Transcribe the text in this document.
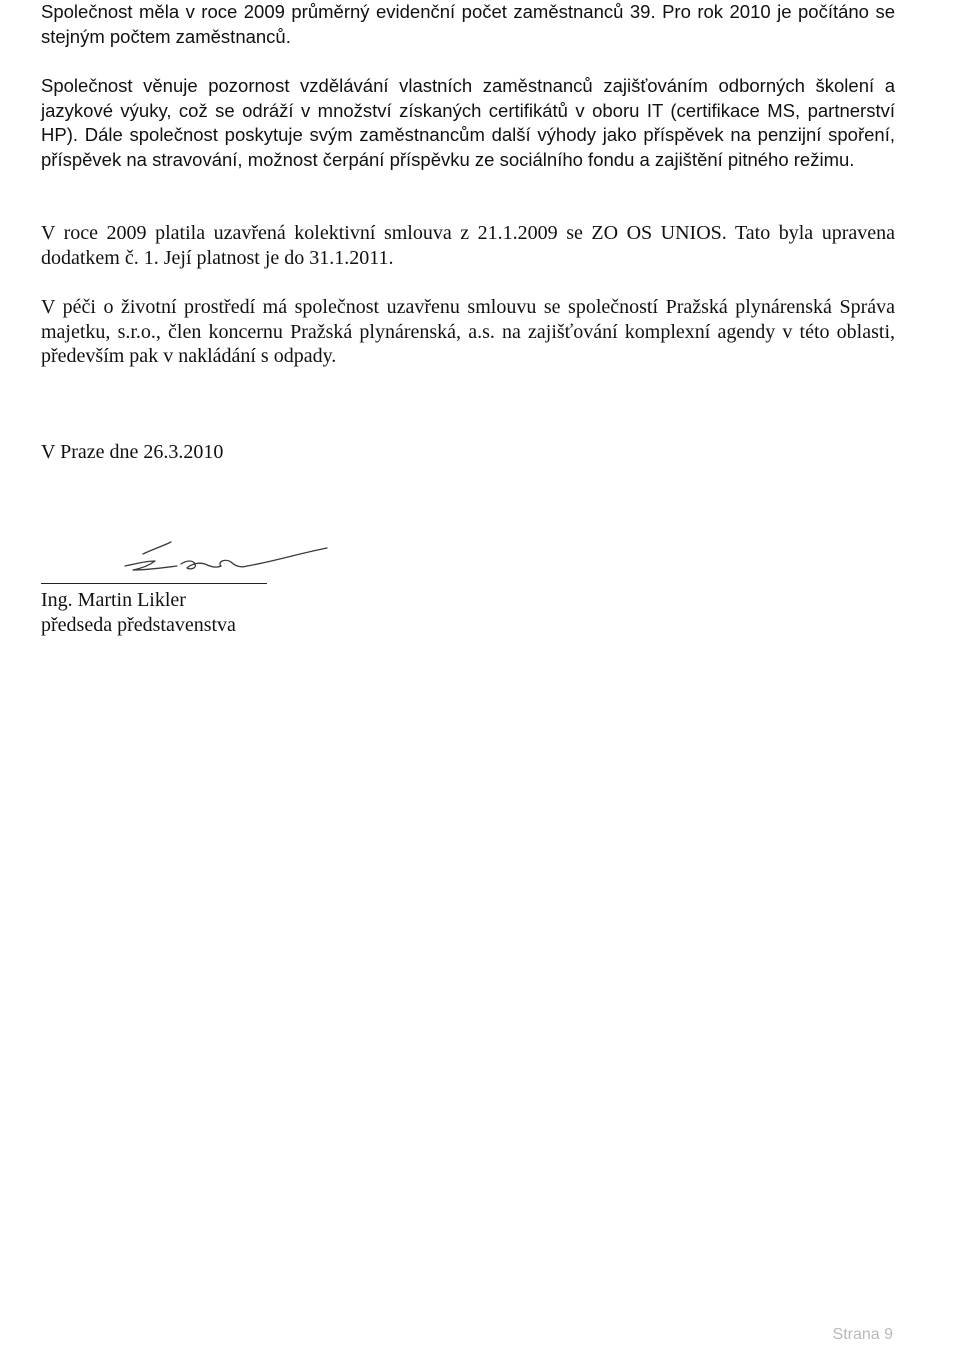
Společnost měla v roce 2009 průměrný evidenční počet zaměstnanců 39. Pro rok 2010 je počítáno se stejným počtem zaměstnanců.

Společnost věnuje pozornost vzdělávání vlastních zaměstnanců zajišťováním odborných školení a jazykové výuky, což se odráží v množství získaných certifikátů v oboru IT (certifikace MS, partnerství HP). Dále společnost poskytuje svým zaměstnancům další výhody jako příspěvek na penzijní spoření, příspěvek na stravování, možnost čerpání příspěvku ze sociálního fondu a zajištění pitného režimu.

V roce 2009 platila uzavřená kolektivní smlouva z 21.1.2009 se ZO OS UNIOS. Tato byla upravena dodatkem č. 1. Její platnost je do 31.1.2011.

V péči o životní prostředí má společnost uzavřenu smlouvu se společností Pražská plynárenská Správa majetku, s.r.o., člen koncernu Pražská plynárenská, a.s. na zajišťování komplexní agendy v této oblasti, především pak v nakládání s odpady.

V Praze dne 26.3.2010

Ing. Martin Likler

předseda představenstva

Strana 9
